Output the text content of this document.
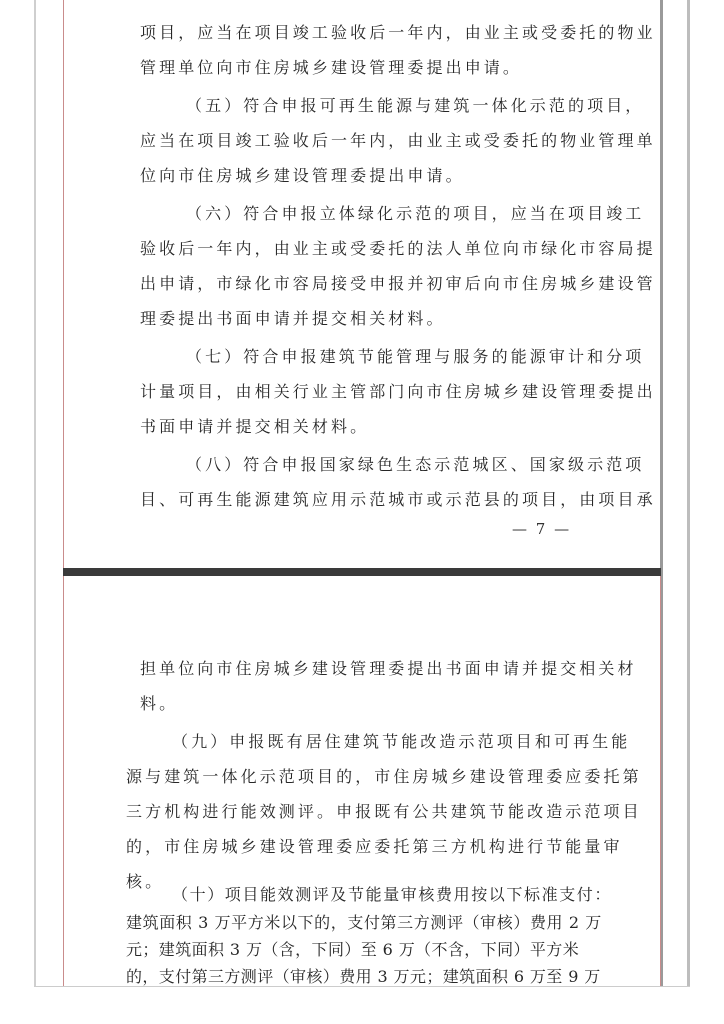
项目，应当在项目竣工验收后一年内，由业主或受委托的物业
管理单位向市住房城乡建设管理委提出申请。
（五）符合申报可再生能源与建筑一体化示范的项目，
应当在项目竣工验收后一年内，由业主或受委托的物业管理单
位向市住房城乡建设管理委提出申请。
（六）符合申报立体绿化示范的项目，应当在项目竣工
验收后一年内，由业主或受委托的法人单位向市绿化市容局提
出申请，市绿化市容局接受申报并初审后向市住房城乡建设管
理委提出书面申请并提交相关材料。
（七）符合申报建筑节能管理与服务的能源审计和分项
计量项目，由相关行业主管部门向市住房城乡建设管理委提出
书面申请并提交相关材料。
（八）符合申报国家绿色生态示范城区、国家级示范项
目、可再生能源建筑应用示范城市或示范县的项目，由项目承
— 7 —
担单位向市住房城乡建设管理委提出书面申请并提交相关材
料。
（九）申报既有居住建筑节能改造示范项目和可再生能
源与建筑一体化示范项目的，市住房城乡建设管理委应委托第
三方机构进行能效测评。申报既有公共建筑节能改造示范项目
的，市住房城乡建设管理委应委托第三方机构进行节能量审
核。
（十）项目能效测评及节能量审核费用按以下标准支付：
建筑面积 3 万平方米以下的，支付第三方测评（审核）费用 2 万
元；建筑面积 3 万（含，下同）至 6 万（不含，下同）平方米
的，支付第三方测评（审核）费用 3 万元；建筑面积 6 万至 9 万
